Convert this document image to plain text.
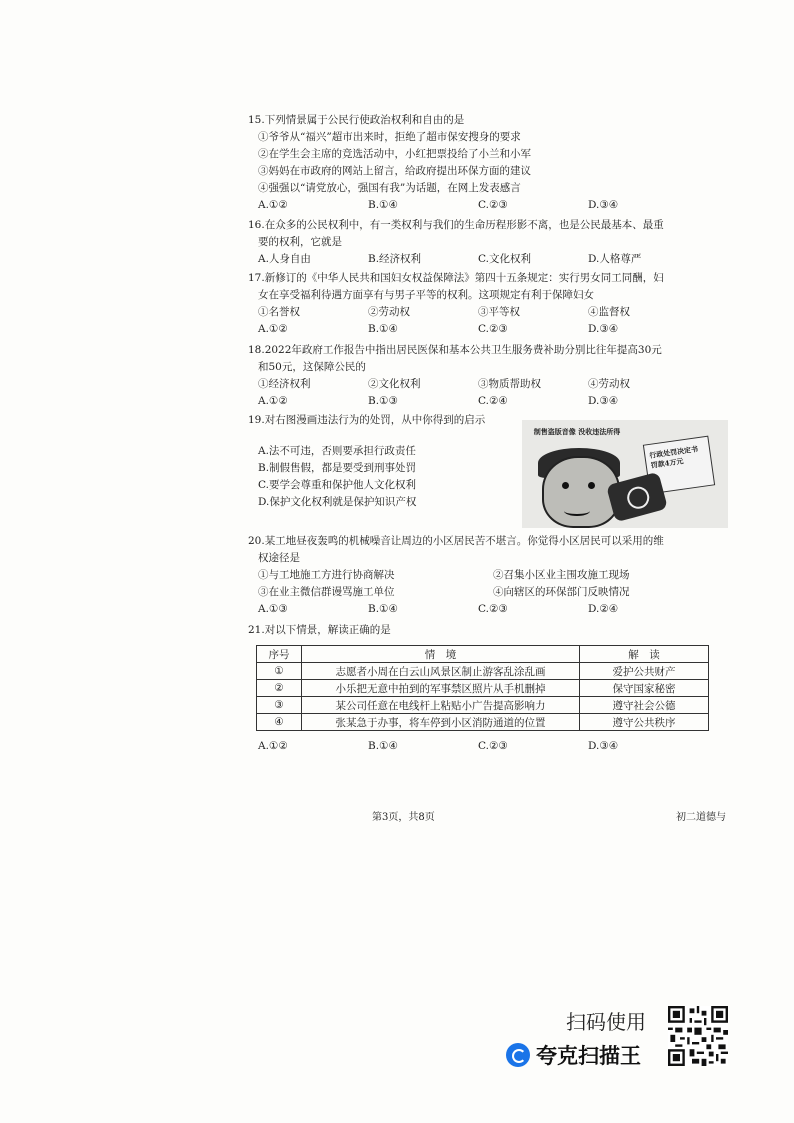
15.下列情景属于公民行使政治权利和自由的是
①爷爷从“福兴”超市出来时，拒绝了超市保安搜身的要求
②在学生会主席的竞选活动中，小红把票投给了小兰和小军
③妈妈在市政府的网站上留言，给政府提出环保方面的建议
④强强以“请党放心，强国有我”为话题，在网上发表感言
A.①②	B.①④	C.②③	D.③④
16.在众多的公民权利中，有一类权利与我们的生命历程形影不离，也是公民最基本、最重
要的权利，它就是
A.人身自由	B.经济权利	C.文化权利	D.人格尊严
17.新修订的《中华人民共和国妇女权益保障法》第四十五条规定：实行男女同工同酬，妇
女在享受福利待遇方面享有与男子平等的权利。这项规定有利于保障妇女
①名誉权	②劳动权	③平等权	④监督权
A.①②	B.①④	C.②③	D.③④
18.2022年政府工作报告中指出居民医保和基本公共卫生服务费补助分别比往年提高30元
和50元，这保障公民的
①经济权利	②文化权利	③物质帮助权	④劳动权
A.①②	B.①③	C.②④	D.③④
19.对右图漫画违法行为的处罚，从中你得到的启示
A.法不可违，否则要承担行政责任
B.制假售假，都是要受到刑事处罚
C.要学会尊重和保护他人文化权利
D.保护文化权利就是保护知识产权
制售盗版音像 没收违法所得
行政处罚决定书 罚款4万元
20.某工地昼夜轰鸣的机械噪音让周边的小区居民苦不堪言。你觉得小区居民可以采用的维
权途径是
①与工地施工方进行协商解决	②召集小区业主围攻施工现场
③在业主微信群谩骂施工单位	④向辖区的环保部门反映情况
A.①③	B.①④	C.②③	D.②④
21.对以下情景，解读正确的是
序号	情　境	解　读
①	志愿者小周在白云山风景区制止游客乱涂乱画	爱护公共财产
②	小乐把无意中拍到的军事禁区照片从手机删掉	保守国家秘密
③	某公司任意在电线杆上粘贴小广告提高影响力	遵守社会公德
④	张某急于办事，将车停到小区消防通道的位置	遵守公共秩序
A.①②	B.①④	C.②③	D.③④
第3页，共8页	初二道德与
扫码使用
夸克扫描王
